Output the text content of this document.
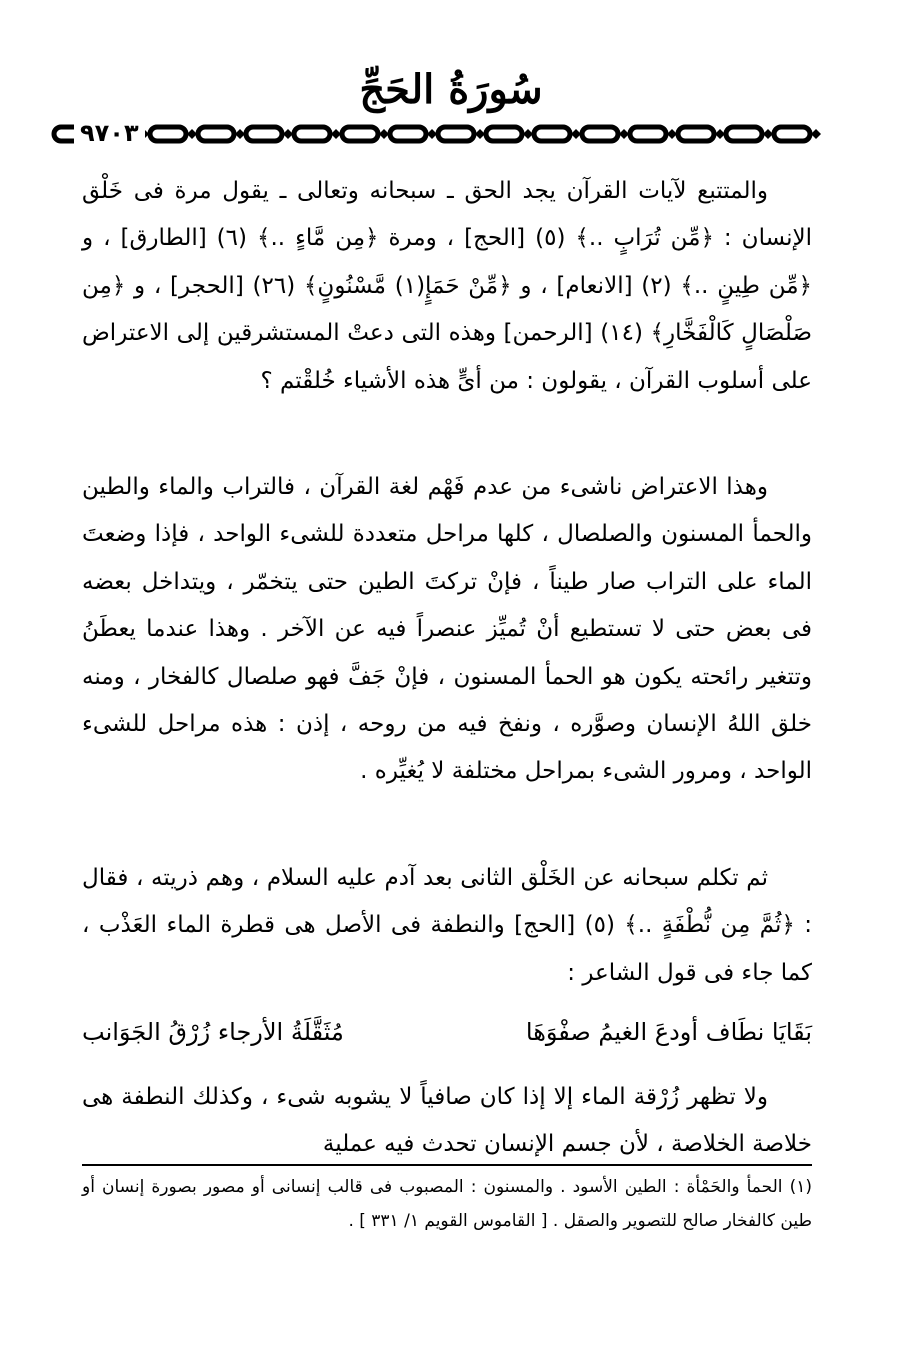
سُورَةُ الحَجِّ
٩٧٠٣
والمتتبع لآيات القرآن يجد الحق ـ سبحانه وتعالى ـ يقول مرة فى خَلْق الإنسان : ﴿مِّن تُرَابٍ ..﴾ (٥) [الحج] ، ومرة ﴿مِن مَّاءٍ ..﴾ (٦) [الطارق] ، و ﴿مِّن طِينٍ ..﴾ (٢) [الانعام] ، و ﴿مِّنْ حَمَإٍ(١) مَّسْنُونٍ﴾ (٢٦) [الحجر] ، و ﴿مِن صَلْصَالٍ كَالْفَخَّارِ﴾ (١٤) [الرحمن] وهذه التى دعتْ المستشرقين إلى الاعتراض على أسلوب القرآن ، يقولون : من أىٍّ هذه الأشياء خُلقْتم ؟
وهذا الاعتراض ناشىء من عدم فَهْم لغة القرآن ، فالتراب والماء والطين والحمأ المسنون والصلصال ، كلها مراحل متعددة للشىء الواحد ، فإذا وضعتَ الماء على التراب صار طيناً ، فإنْ تركتَ الطين حتى يتخمّر ، ويتداخل بعضه فى بعض حتى لا تستطيع أنْ تُميِّز عنصراً فيه عن الآخر . وهذا عندما يعطَنُ وتتغير رائحته يكون هو الحمأ المسنون ، فإنْ جَفَّ فهو صلصال كالفخار ، ومنه خلق اللهُ الإنسان وصوَّره ، ونفخ فيه من روحه ، إذن : هذه مراحل للشىء الواحد ، ومرور الشىء بمراحل مختلفة لا يُغيِّره .
ثم تكلم سبحانه عن الخَلْق الثانى بعد آدم عليه السلام ، وهم ذريته ، فقال : ﴿ثُمَّ مِن نُّطْفَةٍ ..﴾ (٥) [الحج] والنطفة فى الأصل هى قطرة الماء العَذْب ، كما جاء فى قول الشاعر :
بَقَايَا نطَاف أودعَ الغيمُ صفْوَهَا
مُثَقَّلَةُ الأرجاء زُرْقُ الجَوَانب
ولا تظهر زُرْقة الماء إلا إذا كان صافياً لا يشوبه شىء ، وكذلك النطفة هى خلاصة الخلاصة ، لأن جسم الإنسان تحدث فيه عملية
(١) الحمأ والحَمْأة : الطين الأسود . والمسنون : المصبوب فى قالب إنسانى أو مصور بصورة إنسان أو طين كالفخار صالح للتصوير والصقل . [ القاموس القويم ١/ ٣٣١ ] .
